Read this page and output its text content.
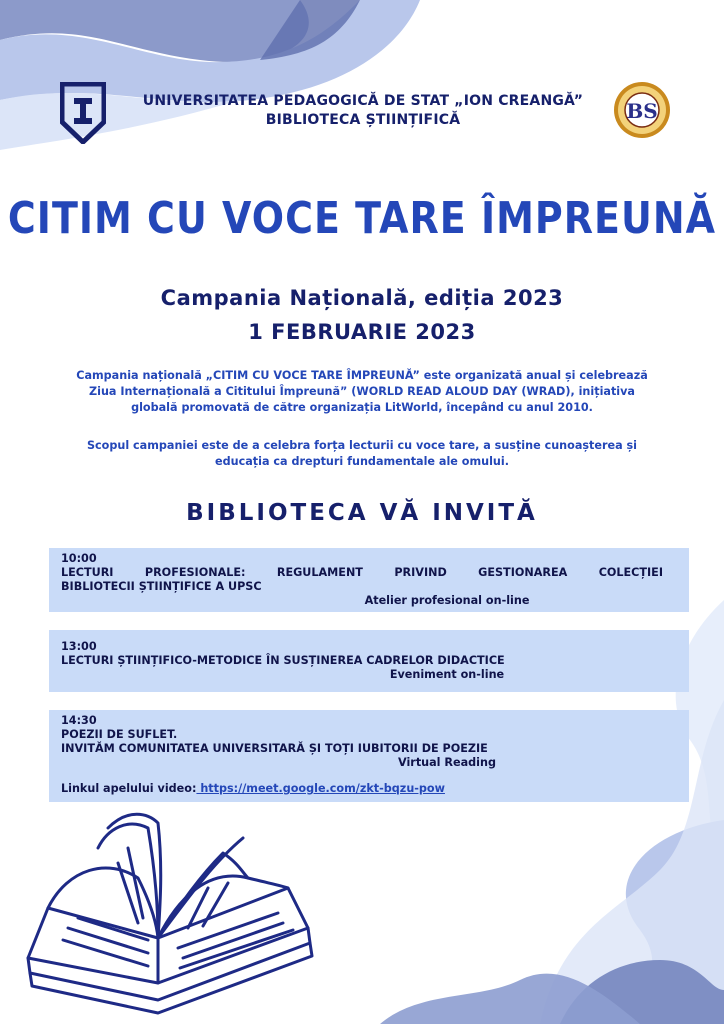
BS
UNIVERSITATEA PEDAGOGICĂ DE STAT „ION CREANGĂ”
BIBLIOTECA ȘTIINȚIFICĂ
CITIM CU VOCE TARE ÎMPREUNĂ
Campania Națională, ediția 2023
1 FEBRUARIE 2023
Campania națională „CITIM CU VOCE TARE ÎMPREUNĂ” este organizată anual și celebrează Ziua Internațională a Cititului Împreună” (WORLD READ ALOUD DAY (WRAD), inițiativa globală promovată de către organizația LitWorld, începând cu anul 2010.
Scopul campaniei este de a celebra forța lecturii cu voce tare, a susține cunoașterea și educația ca drepturi fundamentale ale omului.
BIBLIOTECA VĂ INVITĂ
10:00
LECTURI PROFESIONALE: REGULAMENT PRIVIND GESTIONAREA COLECȚIEI
BIBLIOTECII ȘTIINȚIFICE A UPSC
Atelier profesional on-line
13:00
LECTURI ȘTIINȚIFICO-METODICE ÎN SUSȚINEREA CADRELOR DIDACTICE
Eveniment on-line
14:30
POEZII DE SUFLET.
INVITĂM COMUNITATEA UNIVERSITARĂ ȘI TOȚI IUBITORII DE POEZIE
Virtual Reading
Linkul apelului video: https://meet.google.com/zkt-bqzu-pow
